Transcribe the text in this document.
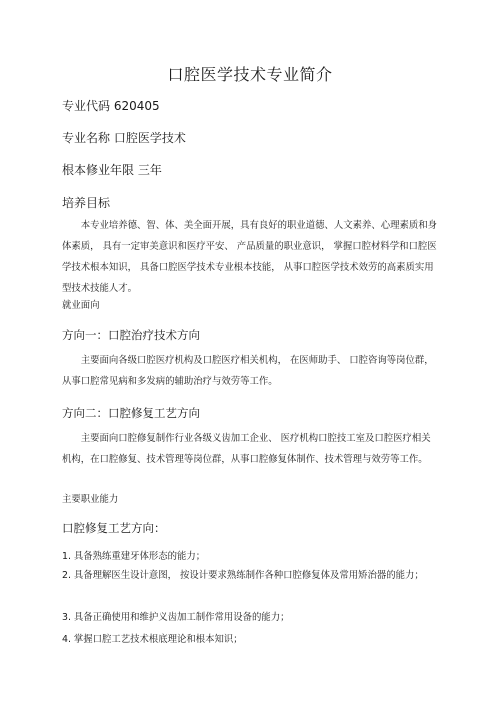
口腔医学技术专业简介
专业代码 620405
专业名称 口腔医学技术
根本修业年限 三年
培养目标
本专业培养德、智、体、美全面开展，具有良好的职业道德、人文素养、心理素质和身体素质， 具有一定审美意识和医疗平安、 产品质量的职业意识， 掌握口腔材料学和口腔医学技术根本知识， 具备口腔医学技术专业根本技能， 从事口腔医学技术效劳的高素质实用型技术技能人才。
就业面向
方向一：口腔治疗技术方向
主要面向各级口腔医疗机构及口腔医疗相关机构， 在医师助手、 口腔咨询等岗位群，从事口腔常见病和多发病的辅助治疗与效劳等工作。
方向二：口腔修复工艺方向
主要面向口腔修复制作行业各级义齿加工企业、 医疗机构口腔技工室及口腔医疗相关机构，在口腔修复、技术管理等岗位群，从事口腔修复体制作、技术管理与效劳等工作。
主要职业能力
口腔修复工艺方向：
1. 具备熟练重建牙体形态的能力；
2. 具备理解医生设计意图， 按设计要求熟练制作各种口腔修复体及常用矫治器的能力；
3. 具备正确使用和维护义齿加工制作常用设备的能力；
4. 掌握口腔工艺技术根底理论和根本知识；
